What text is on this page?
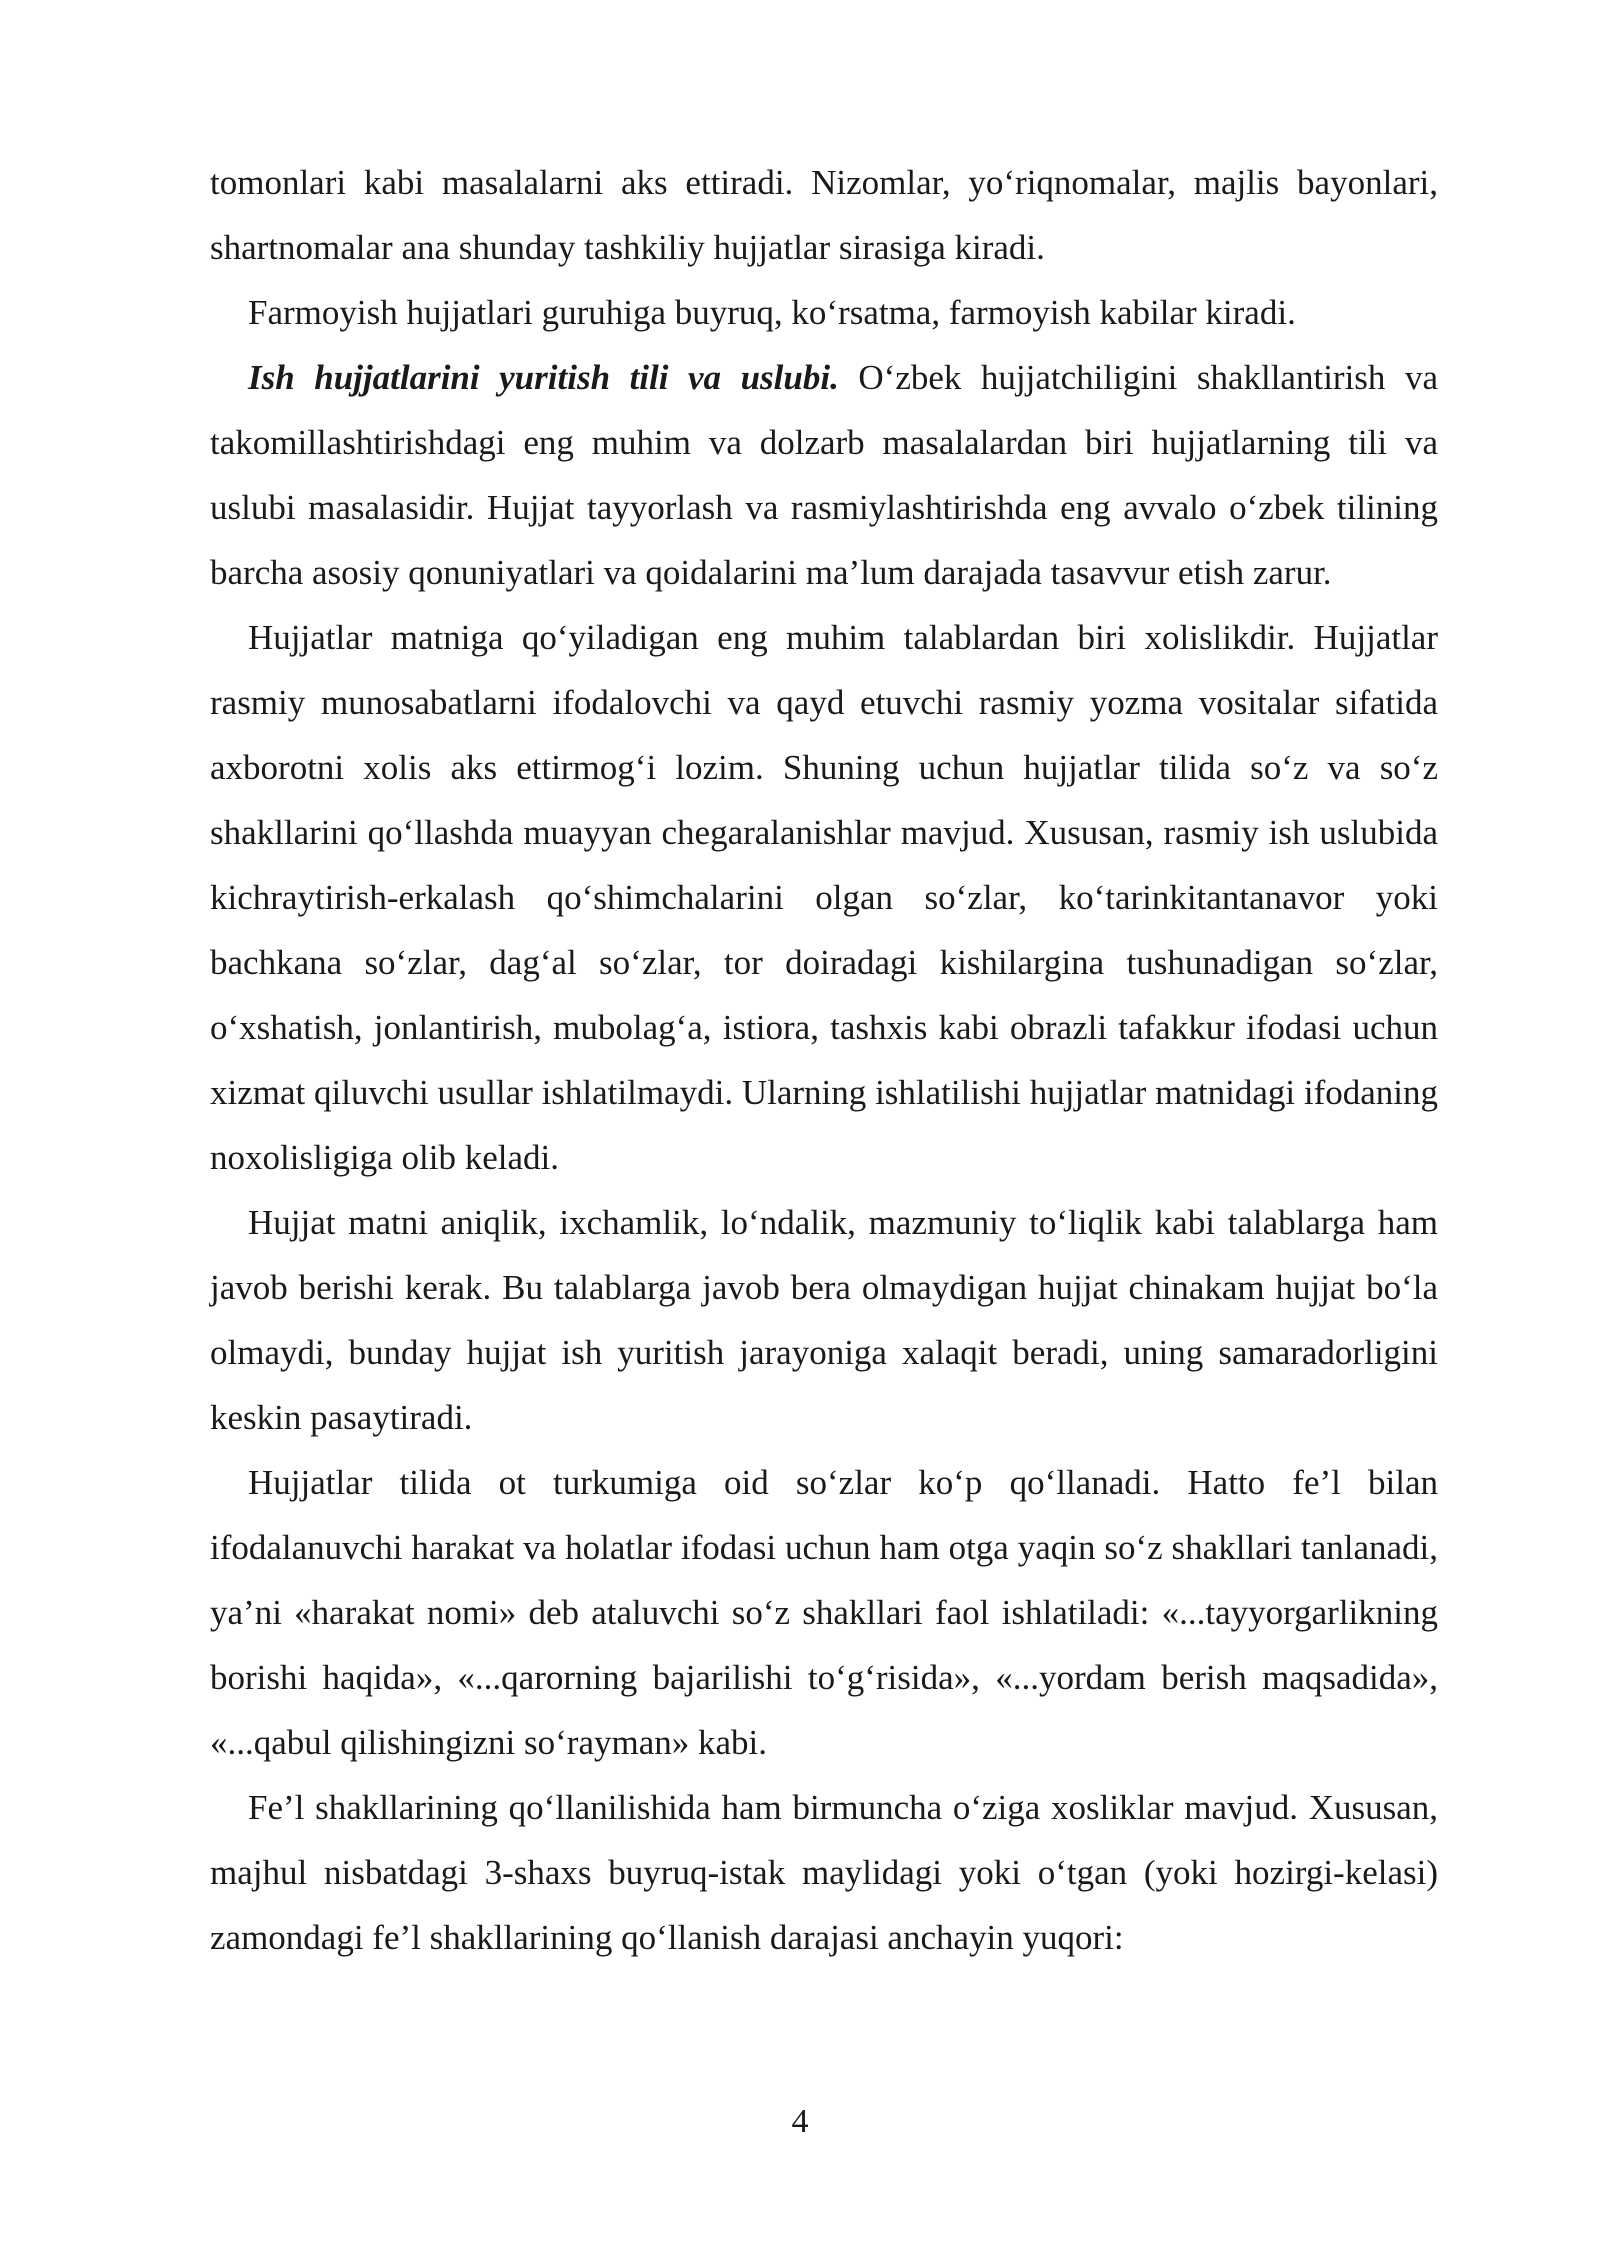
tomonlari kabi masalalarni aks ettiradi. Nizomlar, yo‘riqnomalar, majlis bayonlari, shartnomalar ana shunday tashkiliy hujjatlar sirasiga kiradi.

Farmoyish hujjatlari guruhiga buyruq, ko‘rsatma, farmoyish kabilar kiradi.

Ish hujjatlarini yuritish tili va uslubi. O‘zbek hujjatchiligini shakllantirish va takomillashtirishdagi eng muhim va dolzarb masalalardan biri hujjatlarning tili va uslubi masalasidir. Hujjat tayyorlash va rasmiylashtirishda eng avvalo o‘zbek tilining barcha asosiy qonuniyatlari va qoidalarini ma’lum darajada tasavvur etish zarur.

Hujjatlar matniga qo‘yiladigan eng muhim talablardan biri xolislikdir. Hujjatlar rasmiy munosabatlarni ifodalovchi va qayd etuvchi rasmiy yozma vositalar sifatida axborotni xolis aks ettirmog‘i lozim. Shuning uchun hujjatlar tilida so‘z va so‘z shakllarini qo‘llashda muayyan chegaralanishlar mavjud. Xususan, rasmiy ish uslubida kichraytirish-erkalash qo‘shimchalarini olgan so‘zlar, ko‘tarinkitantanavor yoki bachkana so‘zlar, dag‘al so‘zlar, tor doiradagi kishilargina tushunadigan so‘zlar, o‘xshatish, jonlantirish, mubolag‘a, istiora, tashxis kabi obrazli tafakkur ifodasi uchun xizmat qiluvchi usullar ishlatilmaydi. Ularning ishlatilishi hujjatlar matnidagi ifodaning noxolisligiga olib keladi.

Hujjat matni aniqlik, ixchamlik, lo‘ndalik, mazmuniy to‘liqlik kabi talablarga ham javob berishi kerak. Bu talablarga javob bera olmaydigan hujjat chinakam hujjat bo‘la olmaydi, bunday hujjat ish yuritish jarayoniga xalaqit beradi, uning samaradorligini keskin pasaytiradi.

Hujjatlar tilida ot turkumiga oid so‘zlar ko‘p qo‘llanadi. Hatto fe’l bilan ifodalanuvchi harakat va holatlar ifodasi uchun ham otga yaqin so‘z shakllari tanlanadi, ya’ni «harakat nomi» deb ataluvchi so‘z shakllari faol ishlatiladi: «...tayyorgarlikning borishi haqida», «...qarorning bajarilishi to‘g‘risida», «...yordam berish maqsadida», «...qabul qilishingizni so‘rayman» kabi.

Fe’l shakllarining qo‘llanilishida ham birmuncha o‘ziga xosliklar mavjud. Xususan, majhul nisbatdagi 3-shaxs buyruq-istak maylidagi yoki o‘tgan (yoki hozirgi-kelasi) zamondagi fe’l shakllarining qo‘llanish darajasi anchayin yuqori:

4
